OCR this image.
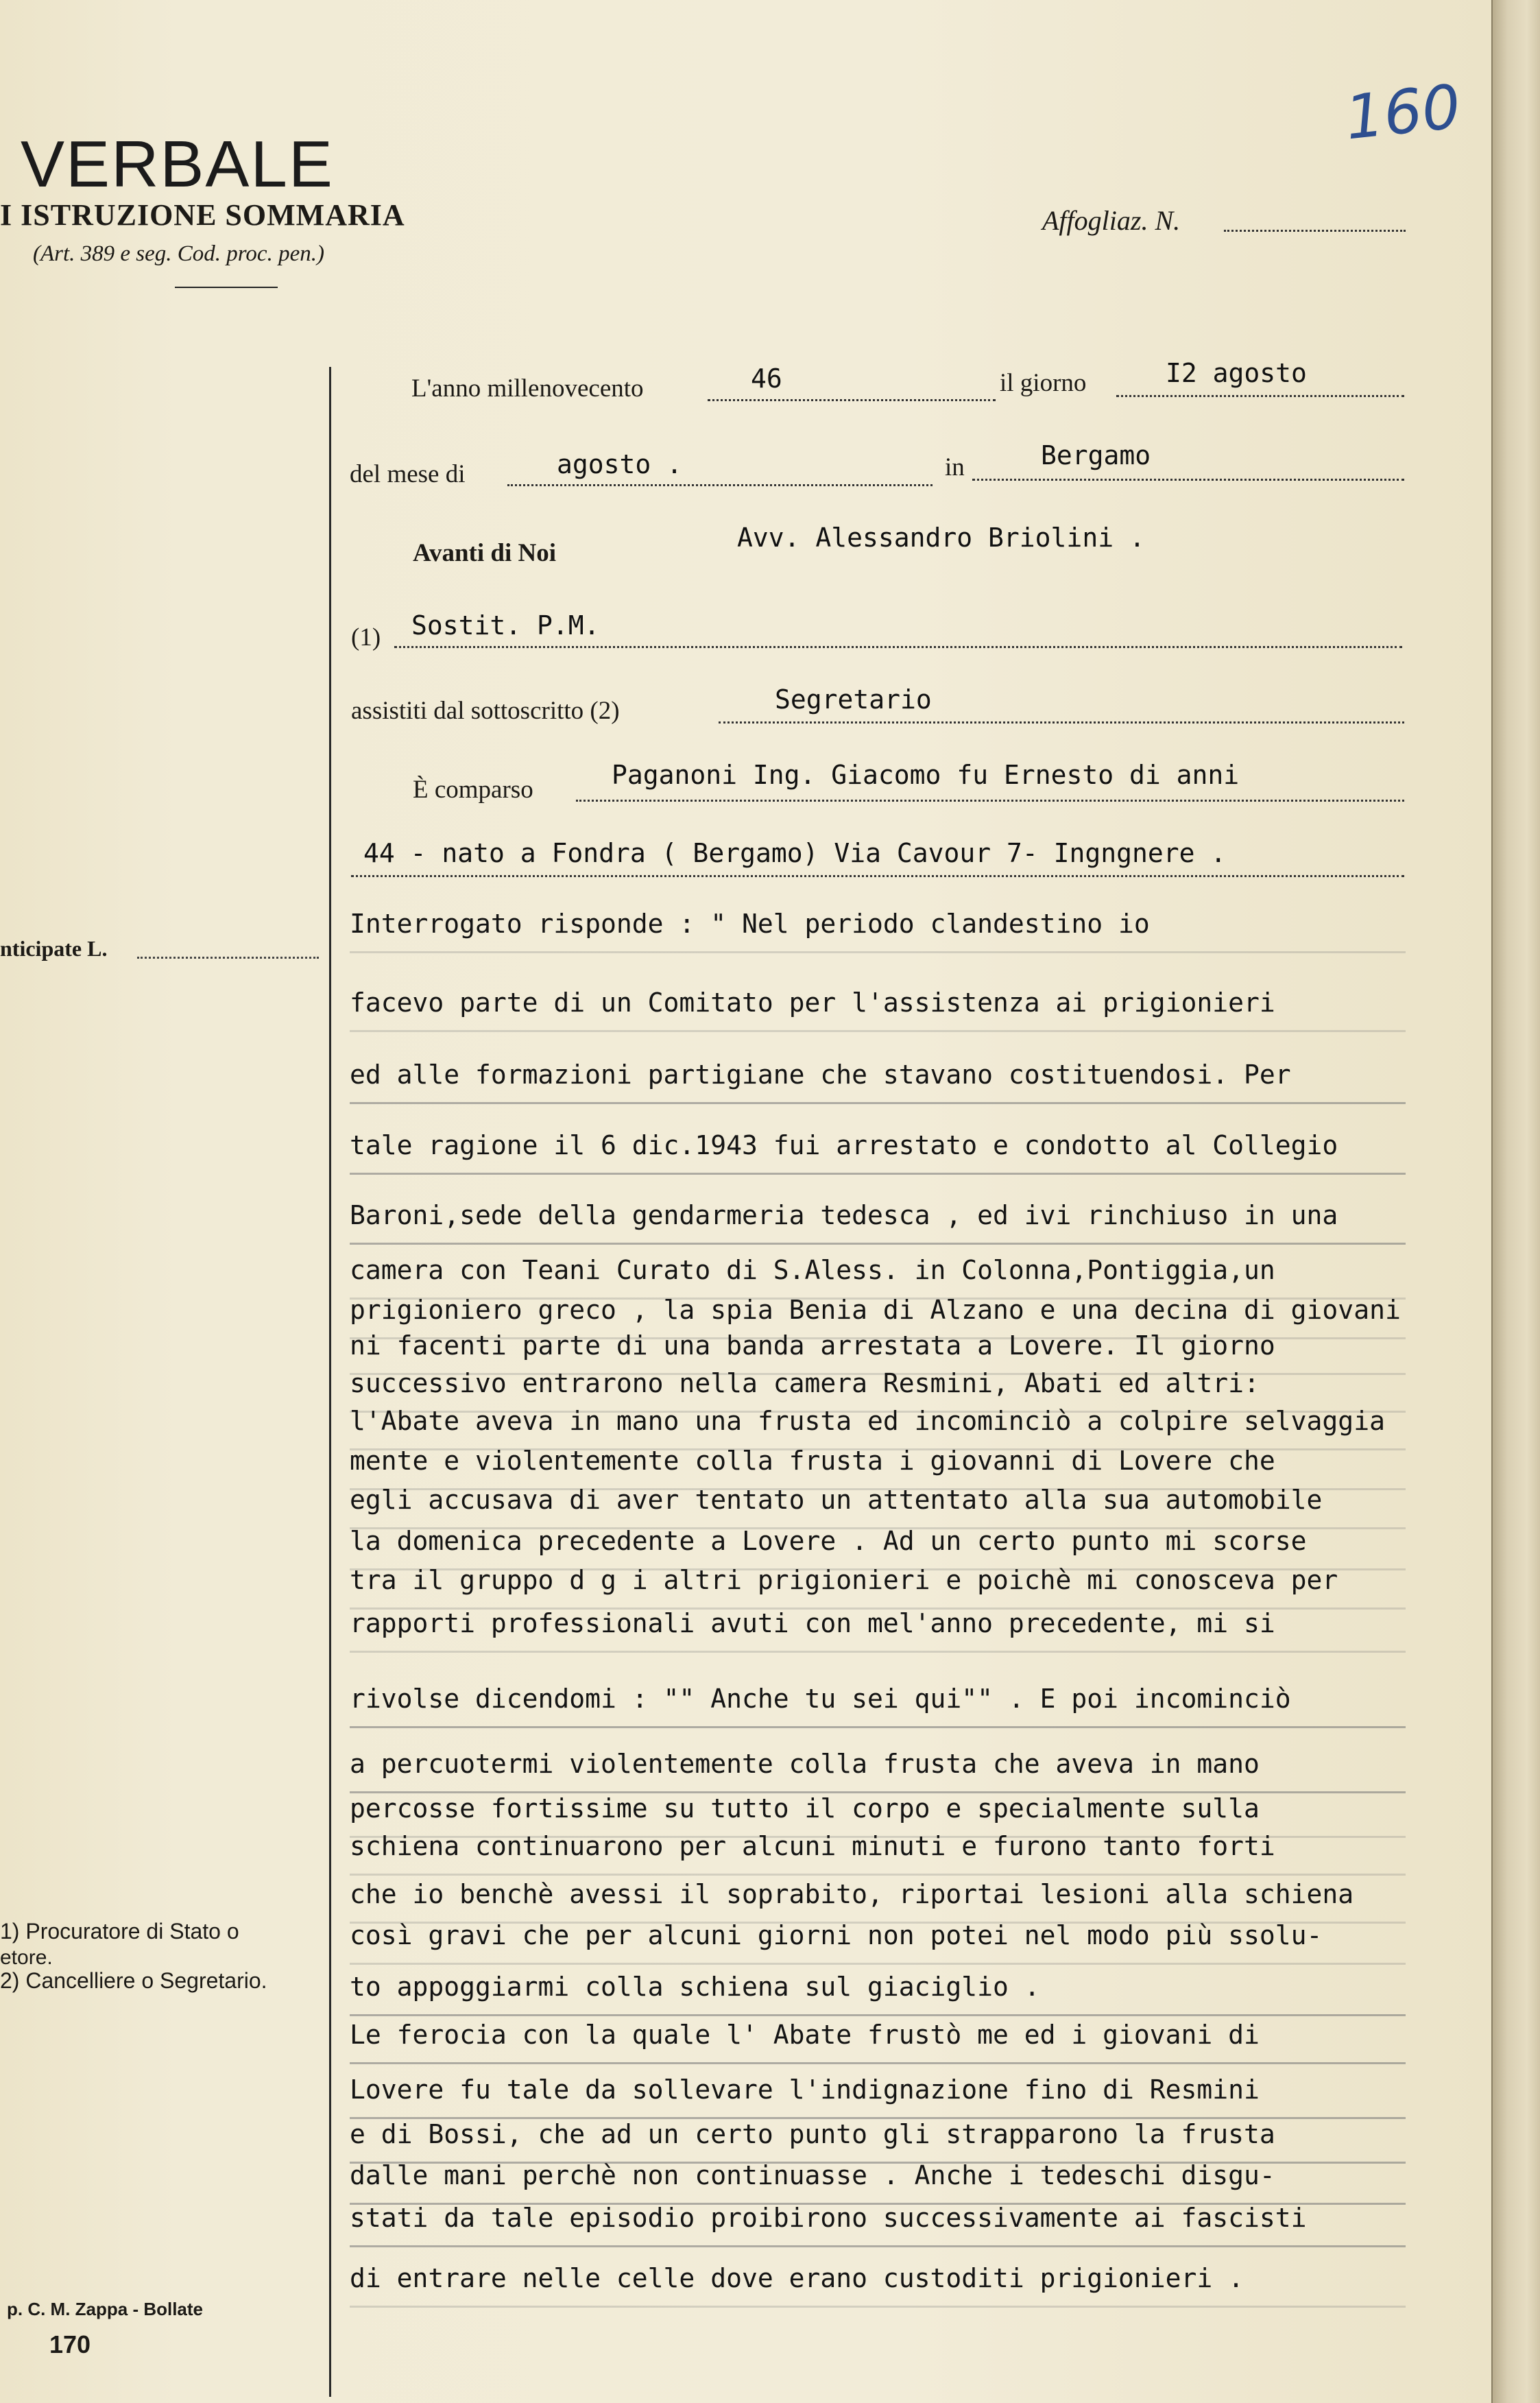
VERBALE
I ISTRUZIONE SOMMARIA
(Art. 389 e seg. Cod. proc. pen.)
Affogliaz. N.
160
nticipate L.
1) Procuratore di Stato o
etore.
2) Cancelliere o Segretario.
p. C. M. Zappa - Bollate
170
L'anno millenovecento	46	il giorno	I2 agosto
del mese di	agosto .	in	Bergamo
Avanti di Noi
Avv. Alessandro Briolini .
(1) Sostit. P.M.
assistiti dal sottoscritto (2)	Segretario
È comparso	Paganoni Ing. Giacomo fu Ernesto di anni
44 - nato a Fondra ( Bergamo) Via Cavour 7- Ingngnere .
Interrogato risponde : " Nel periodo clandestino io
facevo parte di un Comitato per l'assistenza ai prigionieri
ed alle formazioni partigiane che stavano costituendosi. Per
tale ragione il 6 dic.1943 fui arrestato e condotto al Collegio
Baroni,sede della gendarmeria tedesca , ed ivi rinchiuso in una
camera con Teani Curato di S.Aless. in Colonna,Pontiggia,un
prigioniero greco , la spia Benia di Alzano e una decina di giovani
ni facenti parte di una banda arrestata a Lovere. Il giorno
successivo entrarono nella camera Resmini, Abati ed altri:
l'Abate aveva in mano una frusta ed incominciò a colpire selvaggia
mente e violentemente colla frusta i giovanni di Lovere che
egli accusava di aver tentato un attentato alla sua automobile
la domenica precedente a Lovere . Ad un certo punto mi scorse
tra il gruppo d g i altri prigionieri e poichè mi conosceva per
rapporti professionali avuti con mel'anno precedente, mi si
rivolse dicendomi : "" Anche tu sei qui"" . E poi incominciò
a percuotermi violentemente colla frusta che aveva in mano
percosse fortissime su tutto il corpo e specialmente sulla
schiena continuarono per alcuni minuti e furono tanto forti
che io benchè avessi il soprabito, riportai lesioni alla schiena
così gravi che per alcuni giorni non potei nel modo più ssolu-
to appoggiarmi colla schiena sul giaciglio .
Le ferocia con la quale l' Abate frustò me ed i giovani di
Lovere fu tale da sollevare l'indignazione fino di Resmini
e di Bossi, che ad un certo punto gli strapparono la frusta
dalle mani perchè non continuasse . Anche i tedeschi disgu-
stati da tale episodio proibirono successivamente ai fascisti
di entrare nelle celle dove erano custoditi prigionieri .
